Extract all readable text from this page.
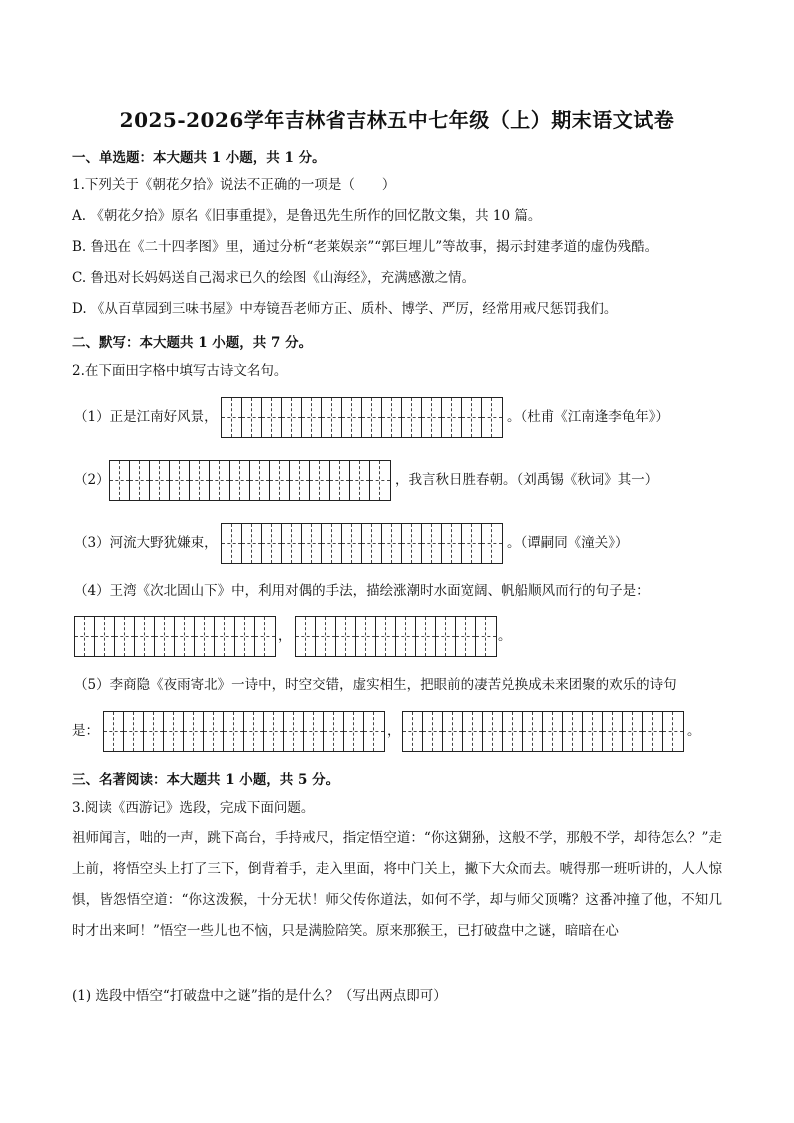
2025-2026学年吉林省吉林五中七年级（上）期末语文试卷
一、单选题：本大题共 1 小题，共 1 分。
1.下列关于《朝花夕拾》说法不正确的一项是（　　）
A. 《朝花夕拾》原名《旧事重提》，是鲁迅先生所作的回忆散文集，共 10 篇。
B. 鲁迅在《二十四孝图》里，通过分析“老莱娱亲”“郭巨埋儿”等故事，揭示封建孝道的虚伪残酷。
C. 鲁迅对长妈妈送自己渴求已久的绘图《山海经》，充满感激之情。
D. 《从百草园到三味书屋》中寿镜吾老师方正、质朴、博学、严厉，经常用戒尺惩罚我们。
二、默写：本大题共 1 小题，共 7 分。
2.在下面田字格中填写古诗文名句。
（1）正是江南好风景，	。（杜甫《江南逢李龟年》）
（2）	，我言秋日胜春朝。（刘禹锡《秋词》其一）
（3）河流大野犹嫌束，	。（谭嗣同《潼关》）
（4）王湾《次北固山下》中，利用对偶的手法，描绘涨潮时水面宽阔、帆船顺风而行的句子是：
，	。
（5）李商隐《夜雨寄北》一诗中，时空交错，虚实相生，把眼前的凄苦兑换成未来团聚的欢乐的诗句
是：	，	。
三、名著阅读：本大题共 1 小题，共 5 分。
3.阅读《西游记》选段，完成下面问题。
祖师闻言，咄的一声，跳下高台，手持戒尺，指定悟空道：“你这猢狲，这般不学，那般不学，却待怎么？”走上前，将悟空头上打了三下，倒背着手，走入里面，将中门关上，撇下大众而去。唬得那一班听讲的，人人惊惧，皆怨悟空道：“你这泼猴，十分无状！师父传你道法，如何不学，却与师父顶嘴？这番冲撞了他，不知几时才出来呵！”悟空一些儿也不恼，只是满脸陪笑。原来那猴王，已打破盘中之谜，暗暗在心
(1) 选段中悟空“打破盘中之谜”指的是什么？（写出两点即可）
